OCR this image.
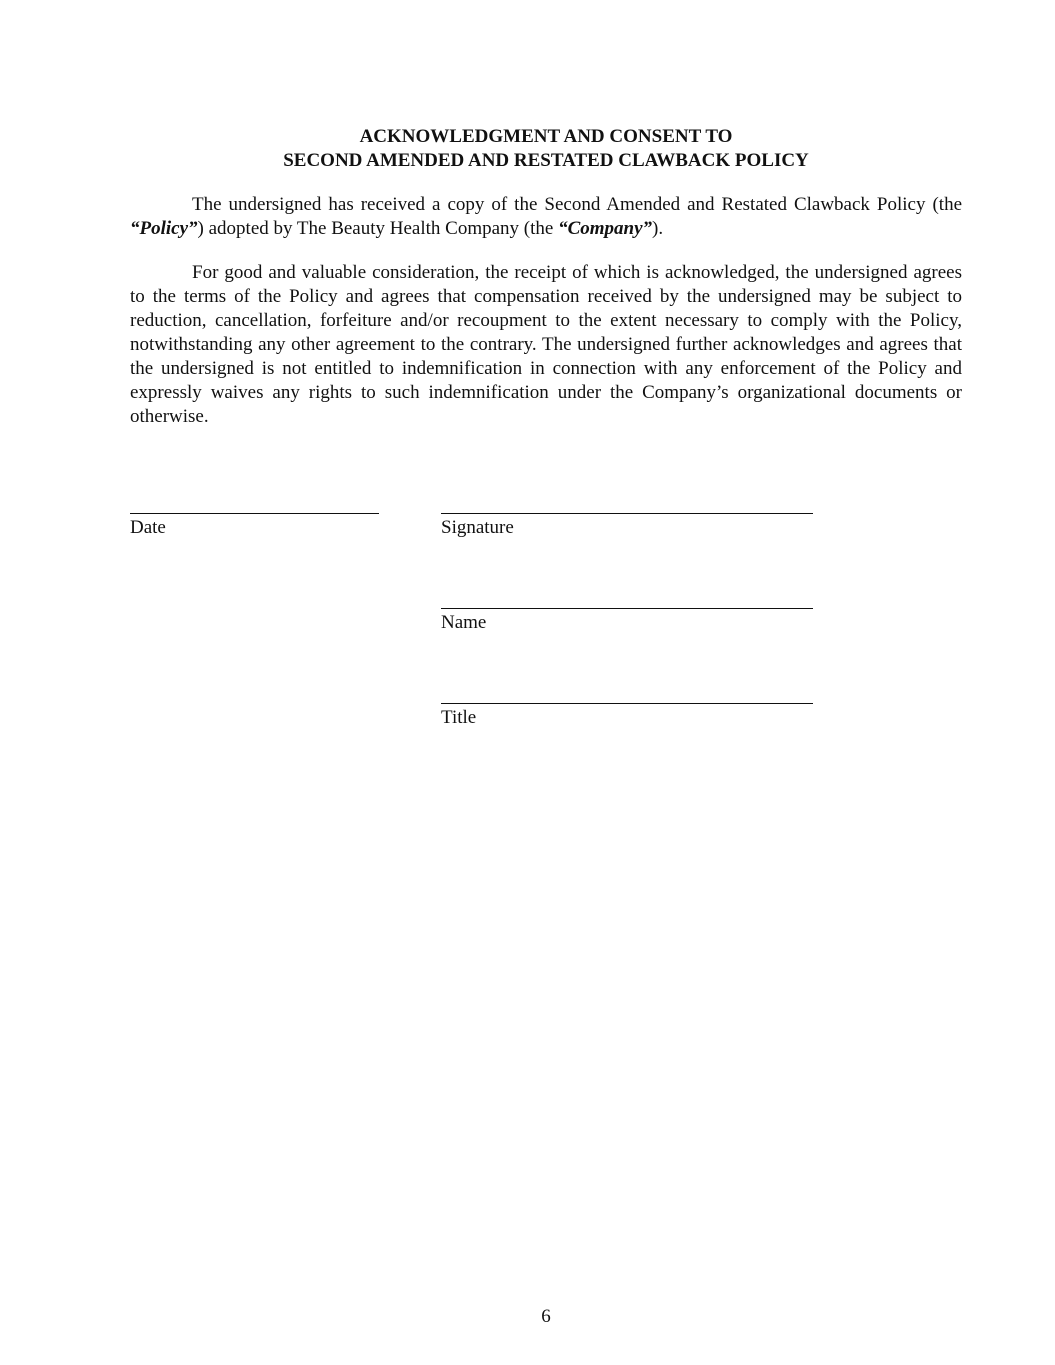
ACKNOWLEDGMENT AND CONSENT TO

SECOND AMENDED AND RESTATED CLAWBACK POLICY

The undersigned has received a copy of the Second Amended and Restated Clawback Policy (the “Policy”) adopted by The Beauty Health Company (the “Company”).

For good and valuable consideration, the receipt of which is acknowledged, the undersigned agrees to the terms of the Policy and agrees that compensation received by the undersigned may be subject to reduction, cancellation, forfeiture and/or recoupment to the extent necessary to comply with the Policy, notwithstanding any other agreement to the contrary. The undersigned further acknowledges and agrees that the undersigned is not entitled to indemnification in connection with any enforcement of the Policy and expressly waives any rights to such indemnification under the Company’s organizational documents or otherwise.

Date	Signature

Name

Title

6
